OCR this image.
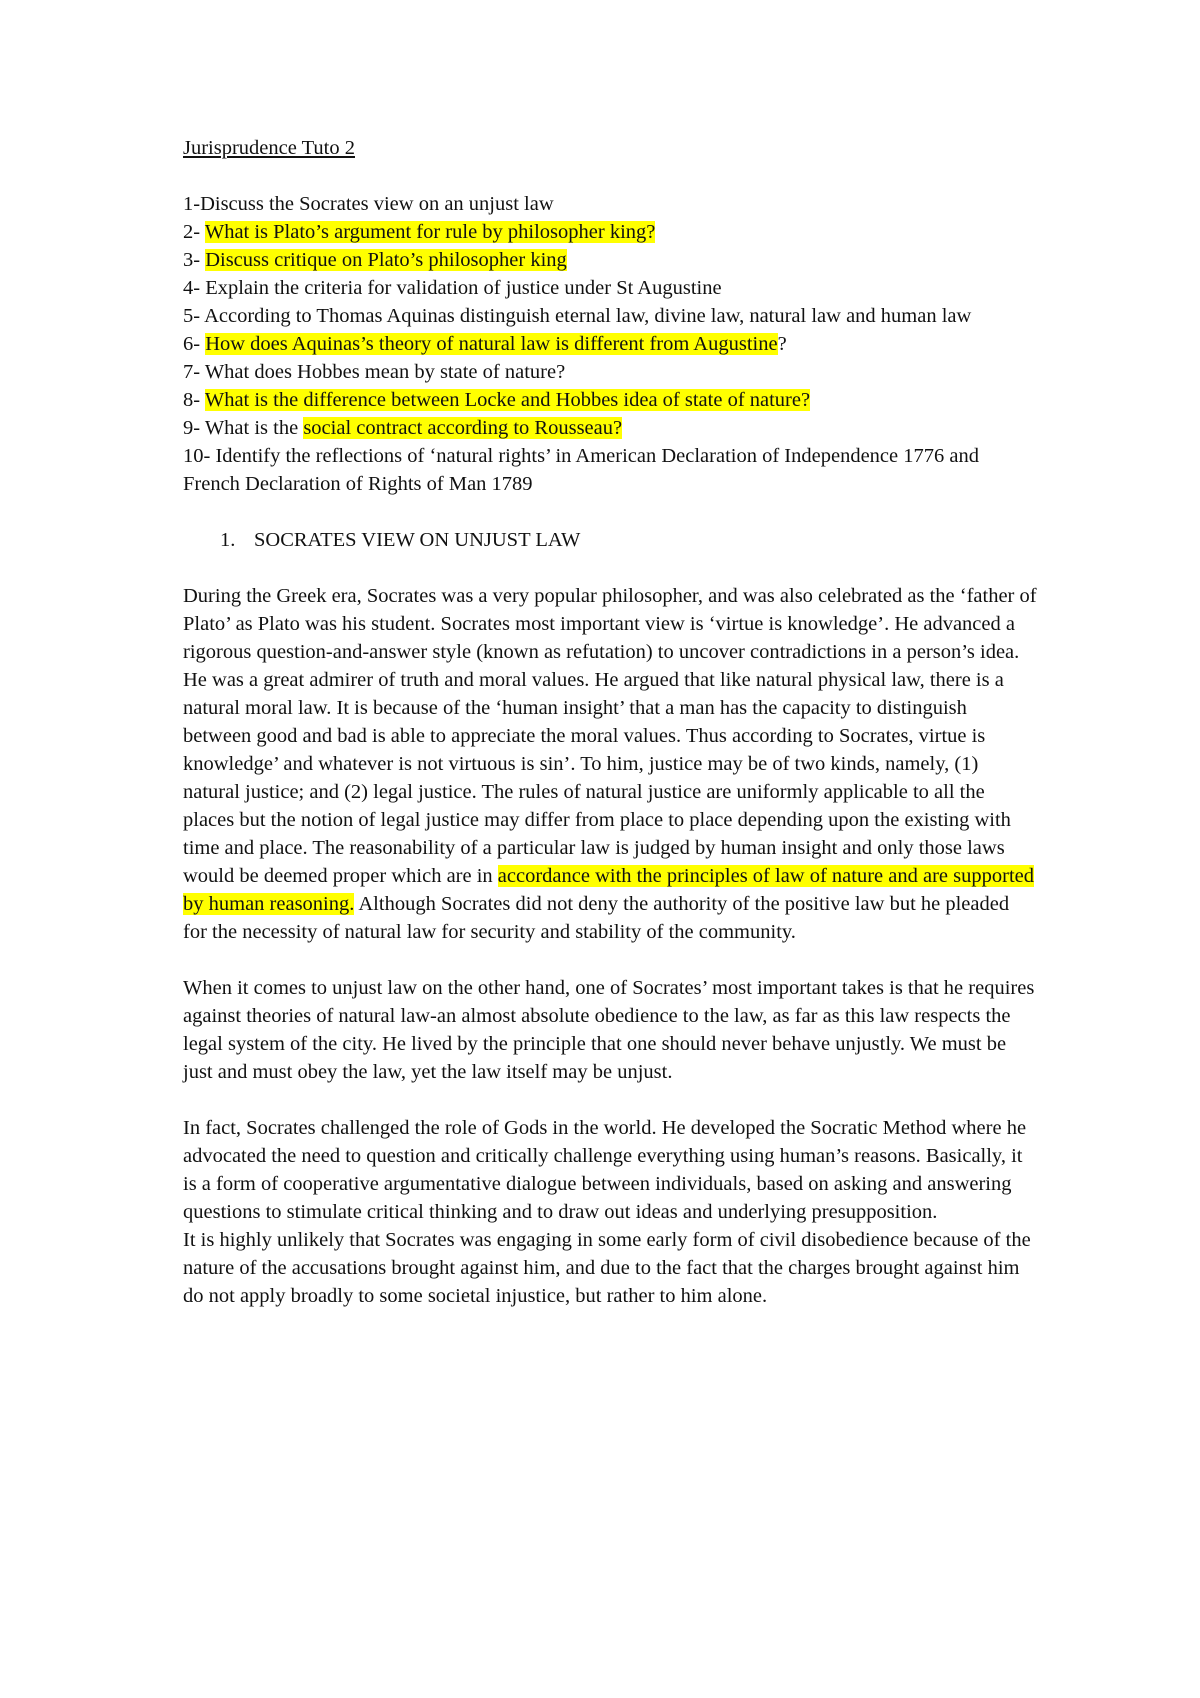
Jurisprudence Tuto 2

1-Discuss the Socrates view on an unjust law

2- What is Plato’s argument for rule by philosopher king?

3- Discuss critique on Plato’s philosopher king

4- Explain the criteria for validation of justice under St Augustine

5- According to Thomas Aquinas distinguish eternal law, divine law, natural law and human law

6- How does Aquinas’s theory of natural law is different from Augustine?

7- What does Hobbes mean by state of nature?

8- What is the difference between Locke and Hobbes idea of state of nature?

9- What is the social contract according to Rousseau?

10- Identify the reflections of ‘natural rights’ in American Declaration of Independence 1776 and

French Declaration of Rights of Man 1789

1. SOCRATES VIEW ON UNJUST LAW

During the Greek era, Socrates was a very popular philosopher, and was also celebrated as the ‘father of Plato’ as Plato was his student. Socrates most important view is ‘virtue is knowledge’. He advanced a rigorous question-and-answer style (known as refutation) to uncover contradictions in a person’s idea. He was a great admirer of truth and moral values. He argued that like natural physical law, there is a natural moral law. It is because of the ‘human insight’ that a man has the capacity to distinguish between good and bad is able to appreciate the moral values. Thus according to Socrates, virtue is knowledge’ and whatever is not virtuous is sin’. To him, justice may be of two kinds, namely, (1) natural justice; and (2) legal justice. The rules of natural justice are uniformly applicable to all the places but the notion of legal justice may differ from place to place depending upon the existing with time and place. The reasonability of a particular law is judged by human insight and only those laws would be deemed proper which are in accordance with the principles of law of nature and are supported by human reasoning. Although Socrates did not deny the authority of the positive law but he pleaded for the necessity of natural law for security and stability of the community.

When it comes to unjust law on the other hand, one of Socrates’ most important takes is that he requires against theories of natural law-an almost absolute obedience to the law, as far as this law respects the legal system of the city. He lived by the principle that one should never behave unjustly. We must be just and must obey the law, yet the law itself may be unjust.

In fact, Socrates challenged the role of Gods in the world. He developed the Socratic Method where he advocated the need to question and critically challenge everything using human’s reasons. Basically, it is a form of cooperative argumentative dialogue between individuals, based on asking and answering questions to stimulate critical thinking and to draw out ideas and underlying presupposition.

It is highly unlikely that Socrates was engaging in some early form of civil disobedience because of the nature of the accusations brought against him, and due to the fact that the charges brought against him do not apply broadly to some societal injustice, but rather to him alone.
